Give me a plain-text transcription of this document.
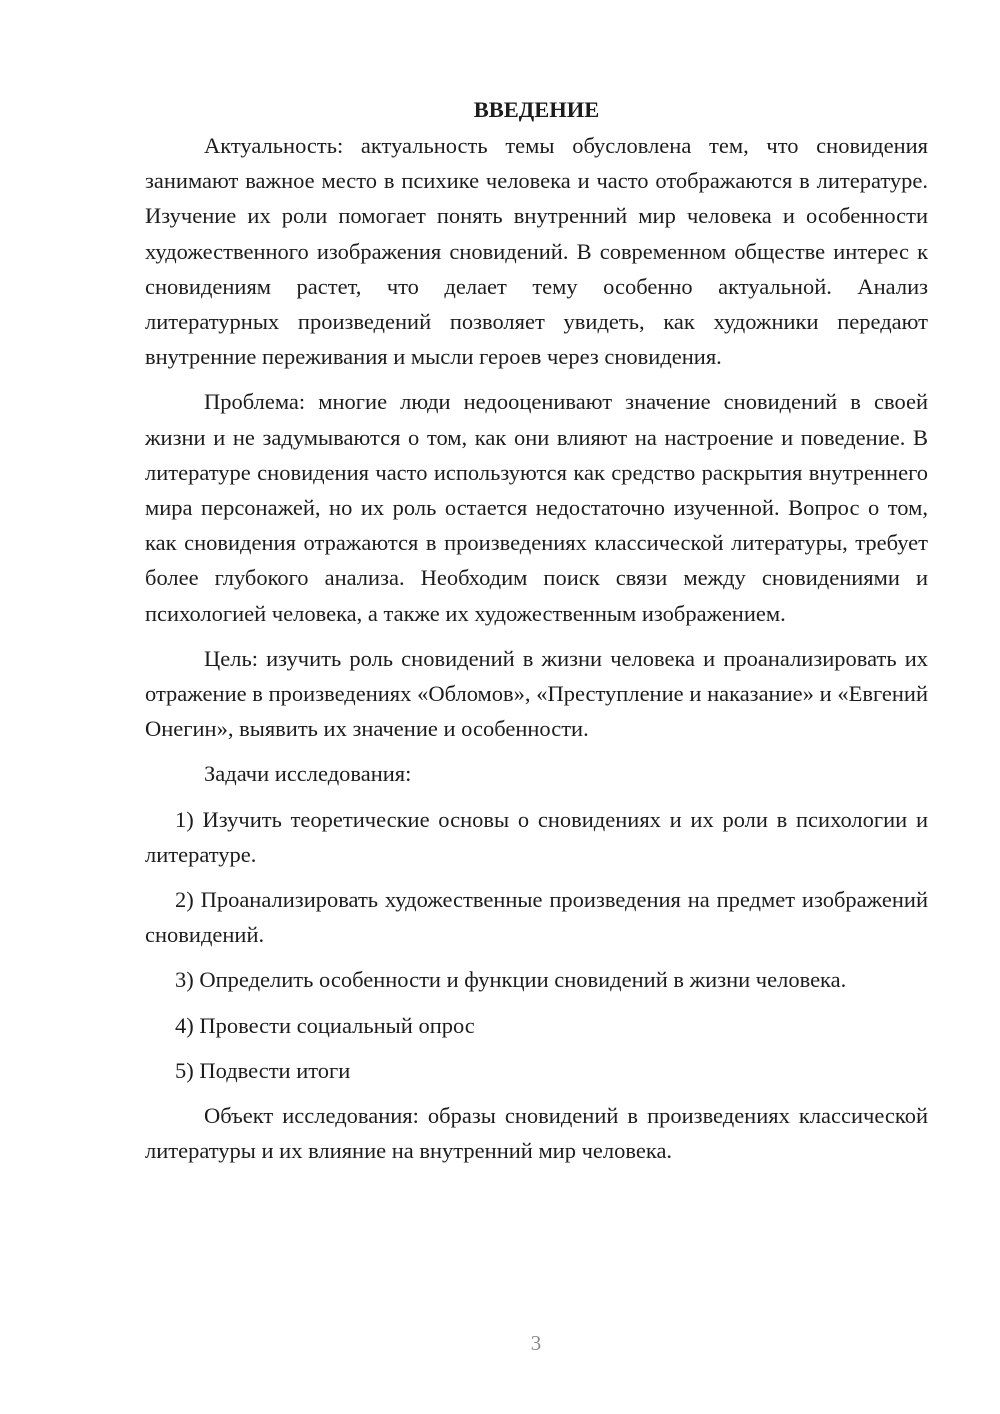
ВВЕДЕНИЕ

Актуальность: актуальность темы обусловлена тем, что сновидения занимают важное место в психике человека и часто отображаются в литературе. Изучение их роли помогает понять внутренний мир человека и особенности художественного изображения сновидений. В современном обществе интерес к сновидениям растет, что делает тему особенно актуальной. Анализ литературных произведений позволяет увидеть, как художники передают внутренние переживания и мысли героев через сновидения.

Проблема: многие люди недооценивают значение сновидений в своей жизни и не задумываются о том, как они влияют на настроение и поведение. В литературе сновидения часто используются как средство раскрытия внутреннего мира персонажей, но их роль остается недостаточно изученной. Вопрос о том, как сновидения отражаются в произведениях классической литературы, требует более глубокого анализа. Необходим поиск связи между сновидениями и психологией человека, а также их художественным изображением.

Цель: изучить роль сновидений в жизни человека и проанализировать их отражение в произведениях «Обломов», «Преступление и наказание» и «Евгений Онегин», выявить их значение и особенности.

Задачи исследования:

1) Изучить теоретические основы о сновидениях и их роли в психологии и литературе.

2) Проанализировать художественные произведения на предмет изображений сновидений.

3) Определить особенности и функции сновидений в жизни человека.

4) Провести социальный опрос

5) Подвести итоги

Объект исследования: образы сновидений в произведениях классической литературы и их влияние на внутренний мир человека.

3
